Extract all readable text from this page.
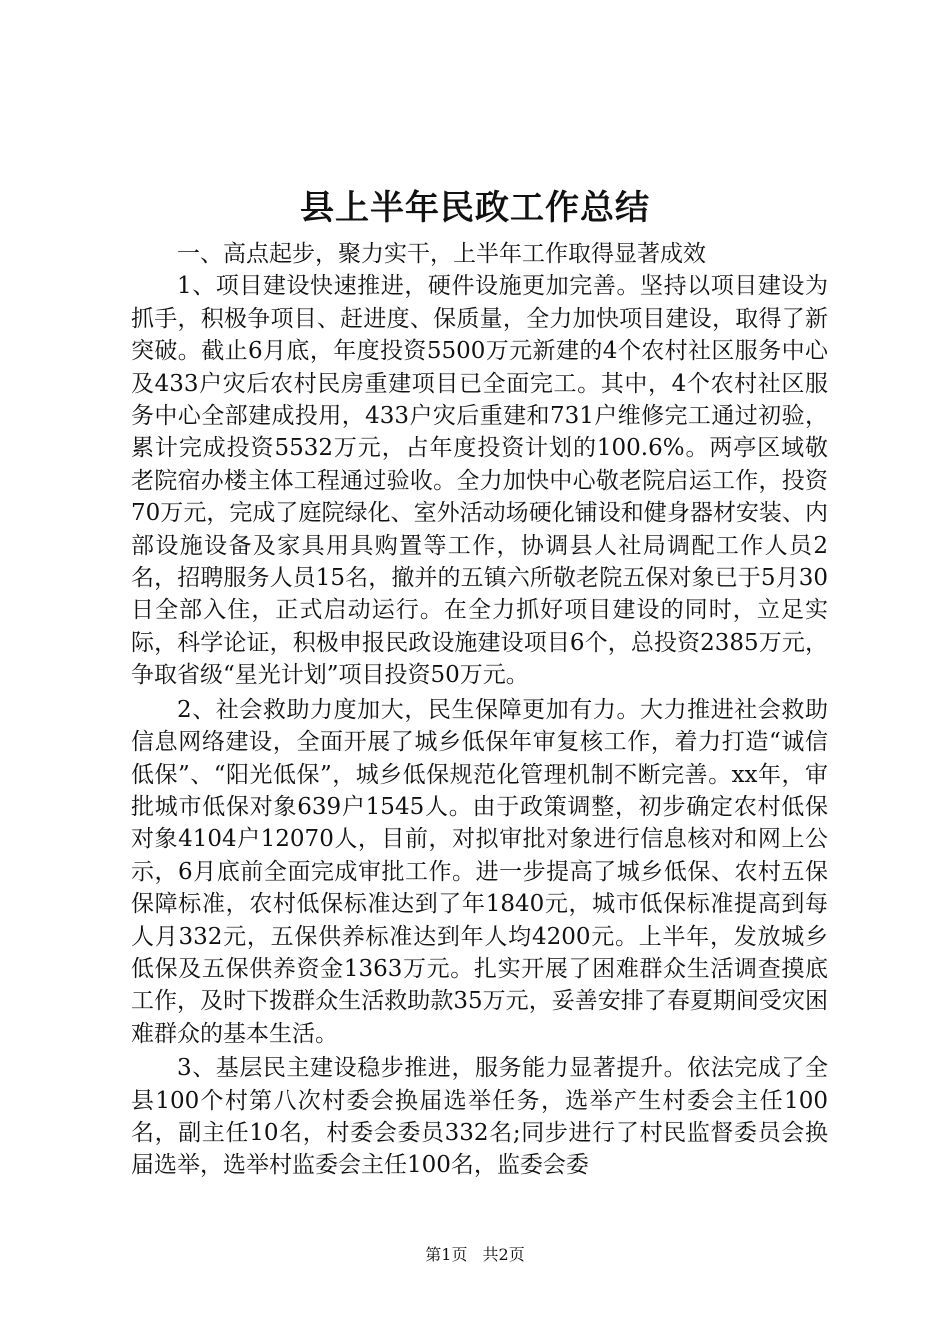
县上半年民政工作总结

一、高点起步，聚力实干，上半年工作取得显著成效

1、项目建设快速推进，硬件设施更加完善。坚持以项目建设为抓手，积极争项目、赶进度、保质量，全力加快项目建设，取得了新突破。截止6月底，年度投资5500万元新建的4个农村社区服务中心及433户灾后农村民房重建项目已全面完工。其中，4个农村社区服务中心全部建成投用，433户灾后重建和731户维修完工通过初验，累计完成投资5532万元，占年度投资计划的100.6%。两亭区域敬老院宿办楼主体工程通过验收。全力加快中心敬老院启运工作，投资70万元，完成了庭院绿化、室外活动场硬化铺设和健身器材安装、内部设施设备及家具用具购置等工作，协调县人社局调配工作人员2名，招聘服务人员15名，撤并的五镇六所敬老院五保对象已于5月30日全部入住，正式启动运行。在全力抓好项目建设的同时，立足实际，科学论证，积极申报民政设施建设项目6个，总投资2385万元，争取省级“星光计划”项目投资50万元。

2、社会救助力度加大，民生保障更加有力。大力推进社会救助信息网络建设，全面开展了城乡低保年审复核工作，着力打造“诚信低保”、“阳光低保”，城乡低保规范化管理机制不断完善。xx年，审批城市低保对象639户1545人。由于政策调整，初步确定农村低保对象4104户12070人，目前，对拟审批对象进行信息核对和网上公示，6月底前全面完成审批工作。进一步提高了城乡低保、农村五保保障标准，农村低保标准达到了年1840元，城市低保标准提高到每人月332元，五保供养标准达到年人均4200元。上半年，发放城乡低保及五保供养资金1363万元。扎实开展了困难群众生活调查摸底工作，及时下拨群众生活救助款35万元，妥善安排了春夏期间受灾困难群众的基本生活。

3、基层民主建设稳步推进，服务能力显著提升。依法完成了全县100个村第八次村委会换届选举任务，选举产生村委会主任100名，副主任10名，村委会委员332名;同步进行了村民监督委员会换届选举，选举村监委会主任100名，监委会委

第1页 共2页
